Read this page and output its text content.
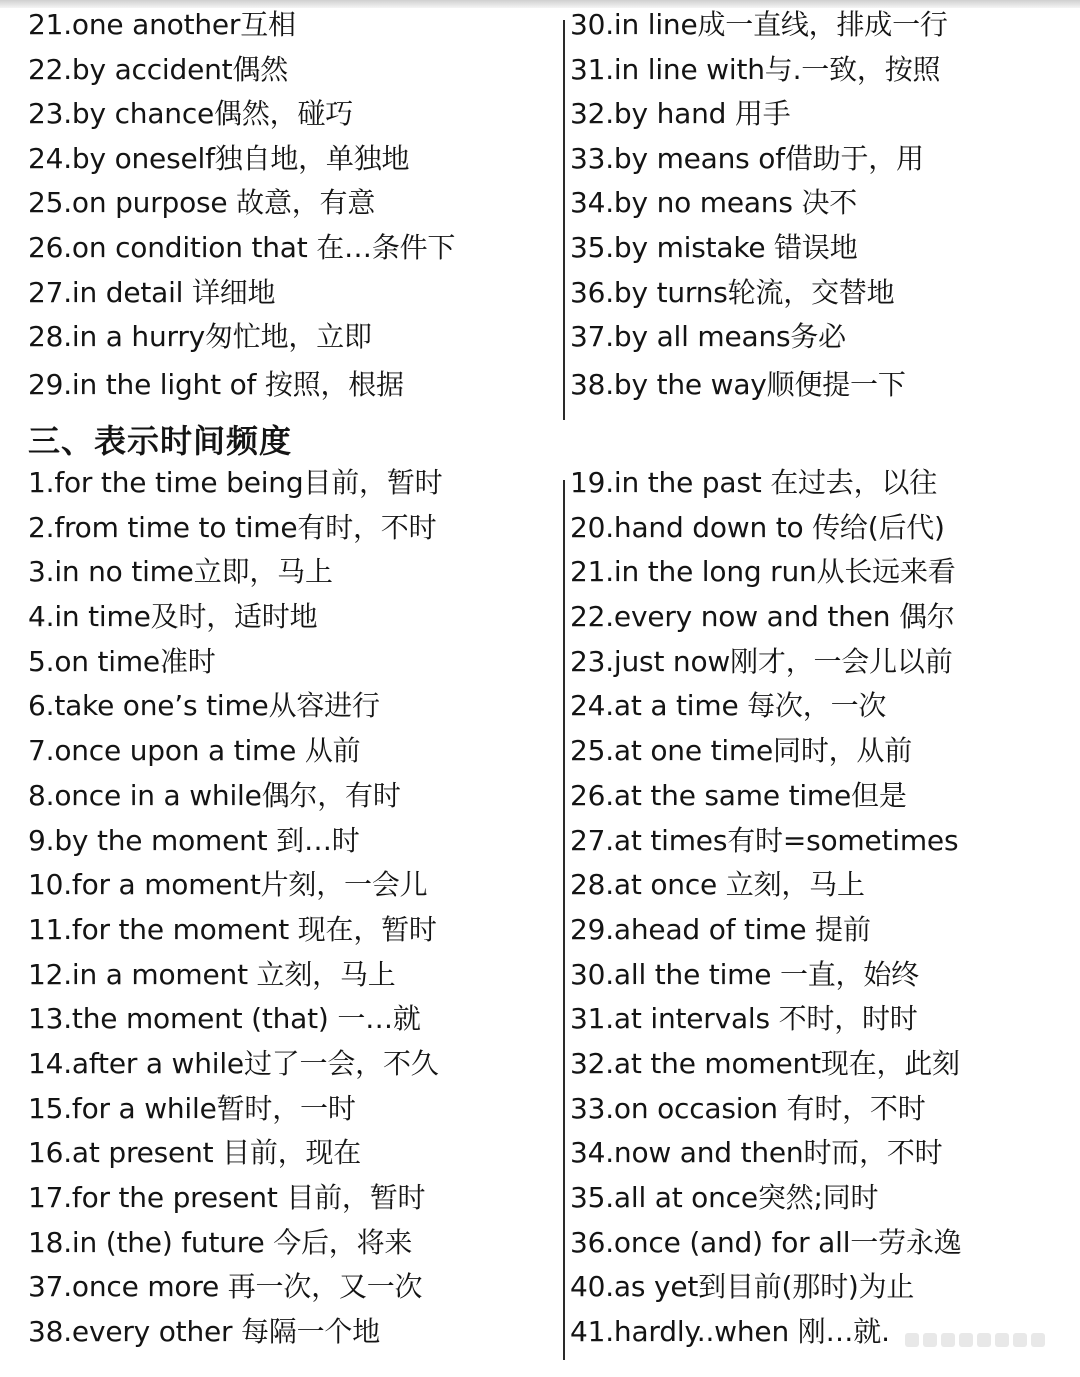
21.one another互相
22.by accident偶然
23.by chance偶然，碰巧
24.by oneself独自地，单独地
25.on purpose 故意，有意
26.on condition that 在…条件下
27.in detail 详细地
28.in a hurry匆忙地，立即
29.in the light of 按照，根据
30.in line成一直线，排成一行
31.in line with与.一致，按照
32.by hand 用手
33.by means of借助于，用
34.by no means 决不
35.by mistake 错误地
36.by turns轮流，交替地
37.by all means务必
38.by the way顺便提一下
三、表示时间频度
1.for the time being目前，暂时
2.from time to time有时，不时
3.in no time立即，马上
4.in time及时，适时地
5.on time准时
6.take one’s time从容进行
7.once upon a time 从前
8.once in a while偶尔，有时
9.by the moment 到…时
10.for a moment片刻，一会儿
11.for the moment 现在，暂时
12.in a moment 立刻，马上
13.the moment (that) 一…就
14.after a while过了一会，不久
15.for a while暂时，一时
16.at present 目前，现在
17.for the present 目前，暂时
18.in (the) future 今后，将来
37.once more 再一次，又一次
38.every other 每隔一个地
19.in the past 在过去，以往
20.hand down to 传给(后代)
21.in the long run从长远来看
22.every now and then 偶尔
23.just now刚才，一会儿以前
24.at a time 每次，一次
25.at one time同时，从前
26.at the same time但是
27.at times有时=sometimes
28.at once 立刻，马上
29.ahead of time 提前
30.all the time 一直，始终
31.at intervals 不时，时时
32.at the moment现在，此刻
33.on occasion 有时，不时
34.now and then时而，不时
35.all at once突然;同时
36.once (and) for all一劳永逸
40.as yet到目前(那时)为止
41.hardly..when 刚…就.
